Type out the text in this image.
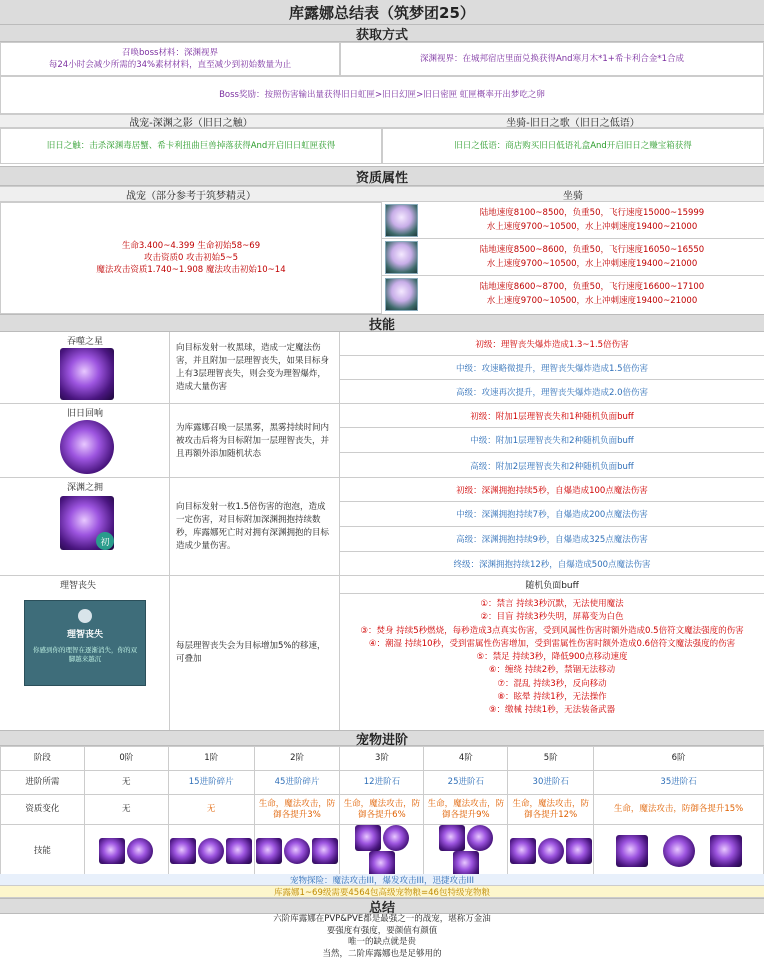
库露娜总结表（筑梦团25）
获取方式
召唤boss材料：深渊视界
每24小时会减少所需的34%素材材料，直至减少到初始数量为止
深渊视界：在城邦宿店里面兑换获得And寒月木*1+希卡利合金*1合成
Boss奖励：按照伤害输出量获得旧日虹匣>旧日幻匣>旧日密匣 虹匣概率开出梦吃之卵
战宠-深渊之影（旧日之触）	坐骑-旧日之歌（旧日之低语）
旧日之触：击杀深渊毒居蟹、希卡利扭曲巨兽掉落获得And开启旧日虹匣获得	旧日之低语：商店购买旧日低语礼盒And开启旧日之赚宝箱获得
资质属性
战宠（部分参考于筑梦精灵）	坐骑
生命3.400~4.399 生命初始58~69
攻击资质0 攻击初始5~5
魔法攻击资质1.740~1.908 魔法攻击初始10~14
陆地速度8100~8500，负重50，飞行速度15000~15999
水上速度9700~10500，水上冲刺速度19400~21000
陆地速度8500~8600，负重50，飞行速度16050~16550
水上速度9700~10500，水上冲刺速度19400~21000
陆地速度8600~8700，负重50，飞行速度16600~17100
水上速度9700~10500，水上冲刺速度19400~21000
技能
吞噬之星
向目标发射一枚黑球，造成一定魔法伤害，并且附加一层理智丧失，如果目标身上有3层理智丧失，则会变为理智爆炸，造成大量伤害
初级：理智丧失爆炸造成1.3~1.5倍伤害
中级：攻速略微提升，理智丧失爆炸造成1.5倍伤害
高级：攻速再次提升，理智丧失爆炸造成2.0倍伤害
旧日回响
为库露娜召唤一层黑雾，黑雾持续时间内被攻击后将为目标附加一层理智丧失，并且再额外添加随机状态
初级：附加1层理智丧失和1种随机负面buff
中级：附加1层理智丧失和2种随机负面buff
高级：附加2层理智丧失和2种随机负面buff
深渊之拥
初
向目标发射一枚1.5倍伤害的泡泡，造成一定伤害，对目标附加深渊拥抱持续数秒，库露娜死亡时对拥有深渊拥抱的目标造成少量伤害。
初级：深渊拥抱持续5秒，自爆造成100点魔法伤害
中级：深渊拥抱持续7秒，自爆造成200点魔法伤害
高级：深渊拥抱持续9秒，自爆造成325点魔法伤害
终级：深渊拥抱持续12秒，自爆造成500点魔法伤害
理智丧失
理智丧失
你感到你的理智在逐渐消失，你的双脚越来越沉
每层理智丧失会为目标增加5%的移速，可叠加
随机负面buff
①：禁言 持续3秒沉默，无法使用魔法
②：目盲 持续3秒失明，屏幕变为白色
③：焚身 持续5秒燃烧，每秒造成3点真实伤害，受到风属性伤害时额外造成0.5倍符文魔法强度的伤害
④：潮湿 持续10秒，受到雷属性伤害增加，受到雷属性伤害时额外造成0.6倍符文魔法强度的伤害
⑤：禁足 持续3秒，降低900点移动速度
⑥：缠绕 持续2秒，禁锢无法移动
⑦：混乱 持续3秒，反向移动
⑧：眩晕 持续1秒，无法操作
⑨：缴械 持续1秒，无法装备武器
宠物进阶
阶段	0阶	1阶	2阶	3阶	4阶	5阶	6阶
进阶所需	无	15进阶碎片	45进阶碎片	12进阶石	25进阶石	30进阶石	35进阶石
资质变化	无	无	生命，魔法攻击，防御各提升3%	生命，魔法攻击，防御各提升6%	生命，魔法攻击，防御各提升9%	生命，魔法攻击，防御各提升12%	生命，魔法攻击，防御各提升15%
技能							
宠物探险：魔法攻击III，爆发攻击III，迅捷攻击III
库露娜1~69级需要4564包高级宠物粮=46包特级宠物粮
总结
六阶库露娜在PVP&PVE都是最强之一的战宠，堪称万金油
要强度有强度，要颜值有颜值
唯一的缺点就是贵
当然，二阶库露娜也是足够用的
